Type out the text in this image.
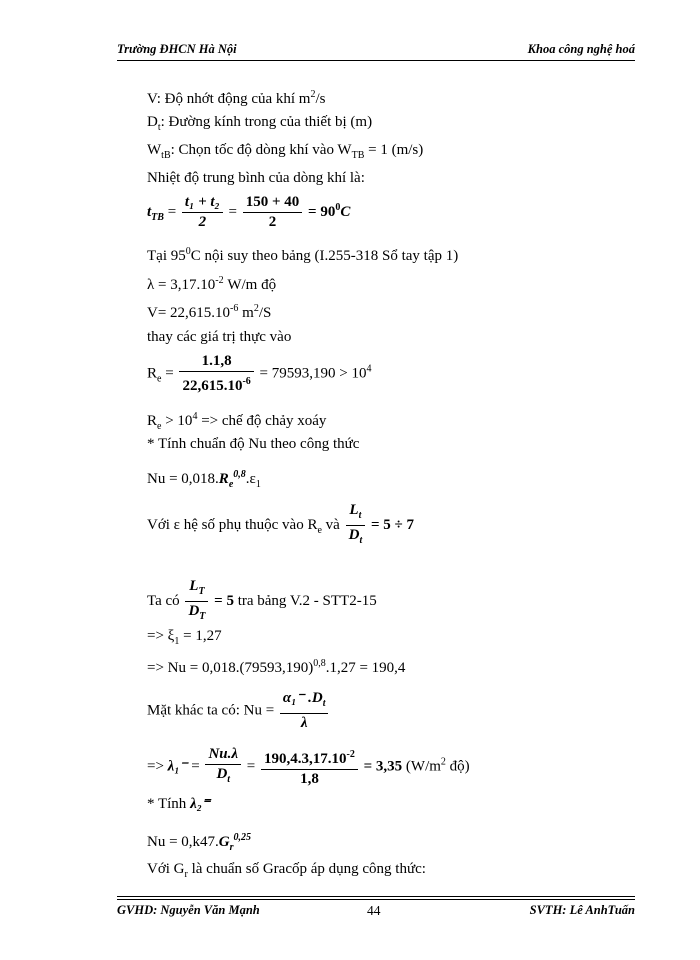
Trường ĐHCN Hà Nội	Khoa công nghệ hoá
V: Độ nhớt động của khí $m^2/s$
$D_t$: Đường kính trong của thiết bị (m)
$W_{tB}$: Chọn tốc độ dòng khí vào $W_{TB} = 1$ (m/s)
Nhiệt độ trung bình của dòng khí là:
$t_{TB} = \frac{\text{t₁ + t₂}}{2} = \frac{150 + 40}{2} = 90^0C$
Tại $95^0C$ nội suy theo bảng (I.255-318 Sổ tay tập 1)
$\lambda = 3,17.10^{-2}$ W/m độ
$V= 22,615.10^{-6}$ $m^2/S$
thay các giá trị thực vào
$R_e = \frac{1.1,8}{22,615.10^{-6}} = 79593,190 > 10^4$
$R_e > 10^4$ => chế độ chảy xoáy
* Tính chuẩn độ Nu theo công thức
$Nu = 0,018.R_e^{0,8}.\varepsilon_1$
Với ε hệ số phụ thuộc vào $R_e$ và $\frac{L_t}{D_t} = 5 \div 7$
Ta có $\frac{L_T}{D_T} = 5$ tra bảng V.2 - STT2-15
=> $\xi_1 = 1,27$
=> $Nu = 0,018.(79593,190)^{0,8}.1,27 = 190,4$
Mặt khác ta có: $Nu = \frac{\alpha_1^- .D_t}{\lambda}$
=> $\lambda_1^- = \frac{Nu.\lambda}{D_t} = \frac{190,4.3,17.10^{-2}}{1,8} = 3,35$ ($W/m^2$ độ)
* Tính λ₂⁼
$Nu = 0,k47.G_r^{0,25}$
Với $G_r$ là chuẩn số Gracốp áp dụng công thức:
GVHD: Nguyễn Văn Mạnh	44	SVTH: Lê AnhTuấn
